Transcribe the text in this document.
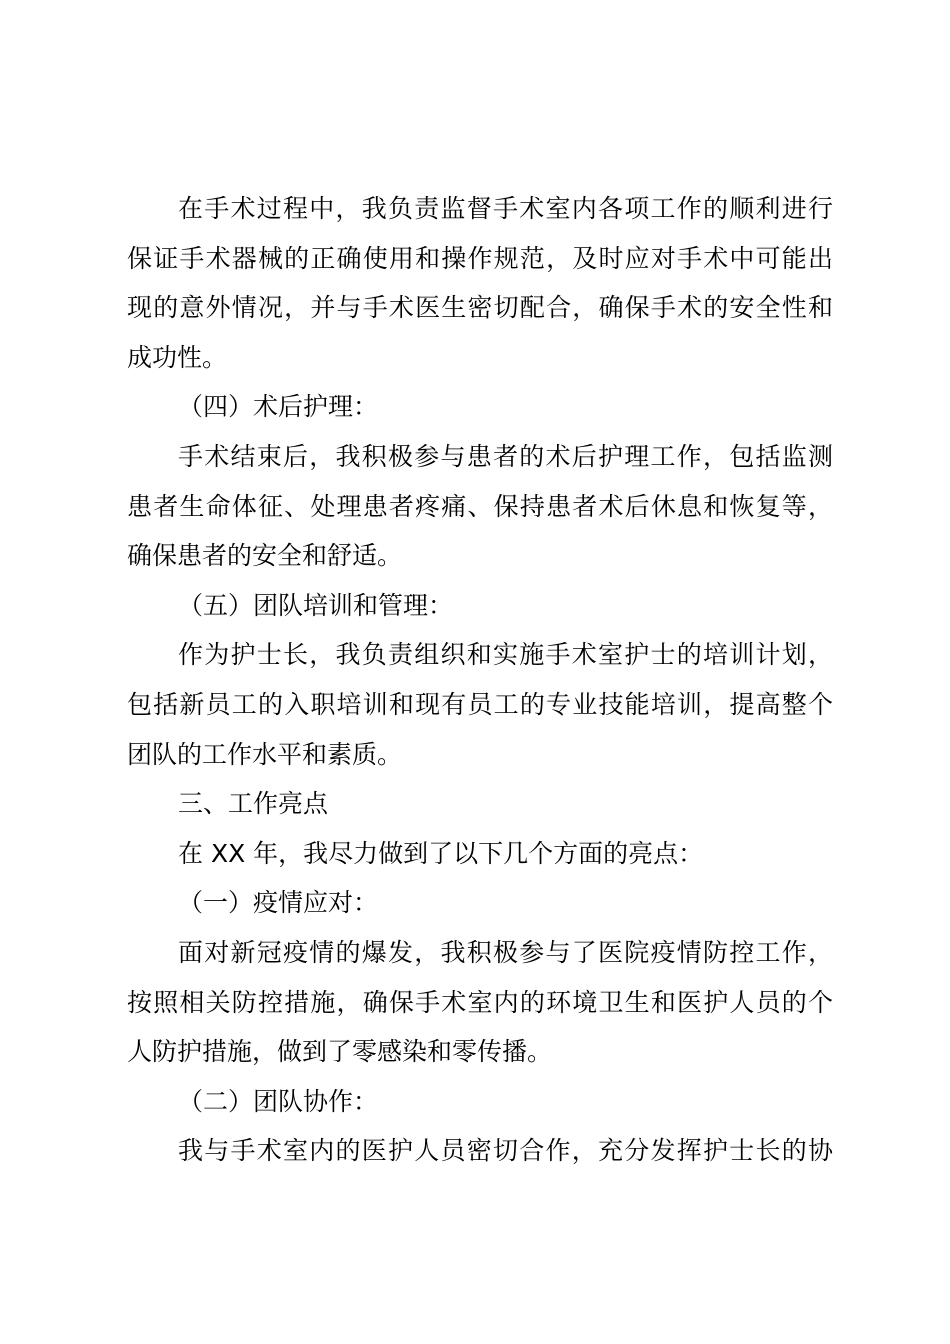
在手术过程中，我负责监督手术室内各项工作的顺利进行
保证手术器械的正确使用和操作规范，及时应对手术中可能出
现的意外情况，并与手术医生密切配合，确保手术的安全性和
成功性。
（四）术后护理：
手术结束后，我积极参与患者的术后护理工作，包括监测
患者生命体征、处理患者疼痛、保持患者术后休息和恢复等，
确保患者的安全和舒适。
（五）团队培训和管理：
作为护士长，我负责组织和实施手术室护士的培训计划，
包括新员工的入职培训和现有员工的专业技能培训，提高整个
团队的工作水平和素质。
三、工作亮点
在 XX 年，我尽力做到了以下几个方面的亮点：
（一）疫情应对：
面对新冠疫情的爆发，我积极参与了医院疫情防控工作，
按照相关防控措施，确保手术室内的环境卫生和医护人员的个
人防护措施，做到了零感染和零传播。
（二）团队协作：
我与手术室内的医护人员密切合作，充分发挥护士长的协
